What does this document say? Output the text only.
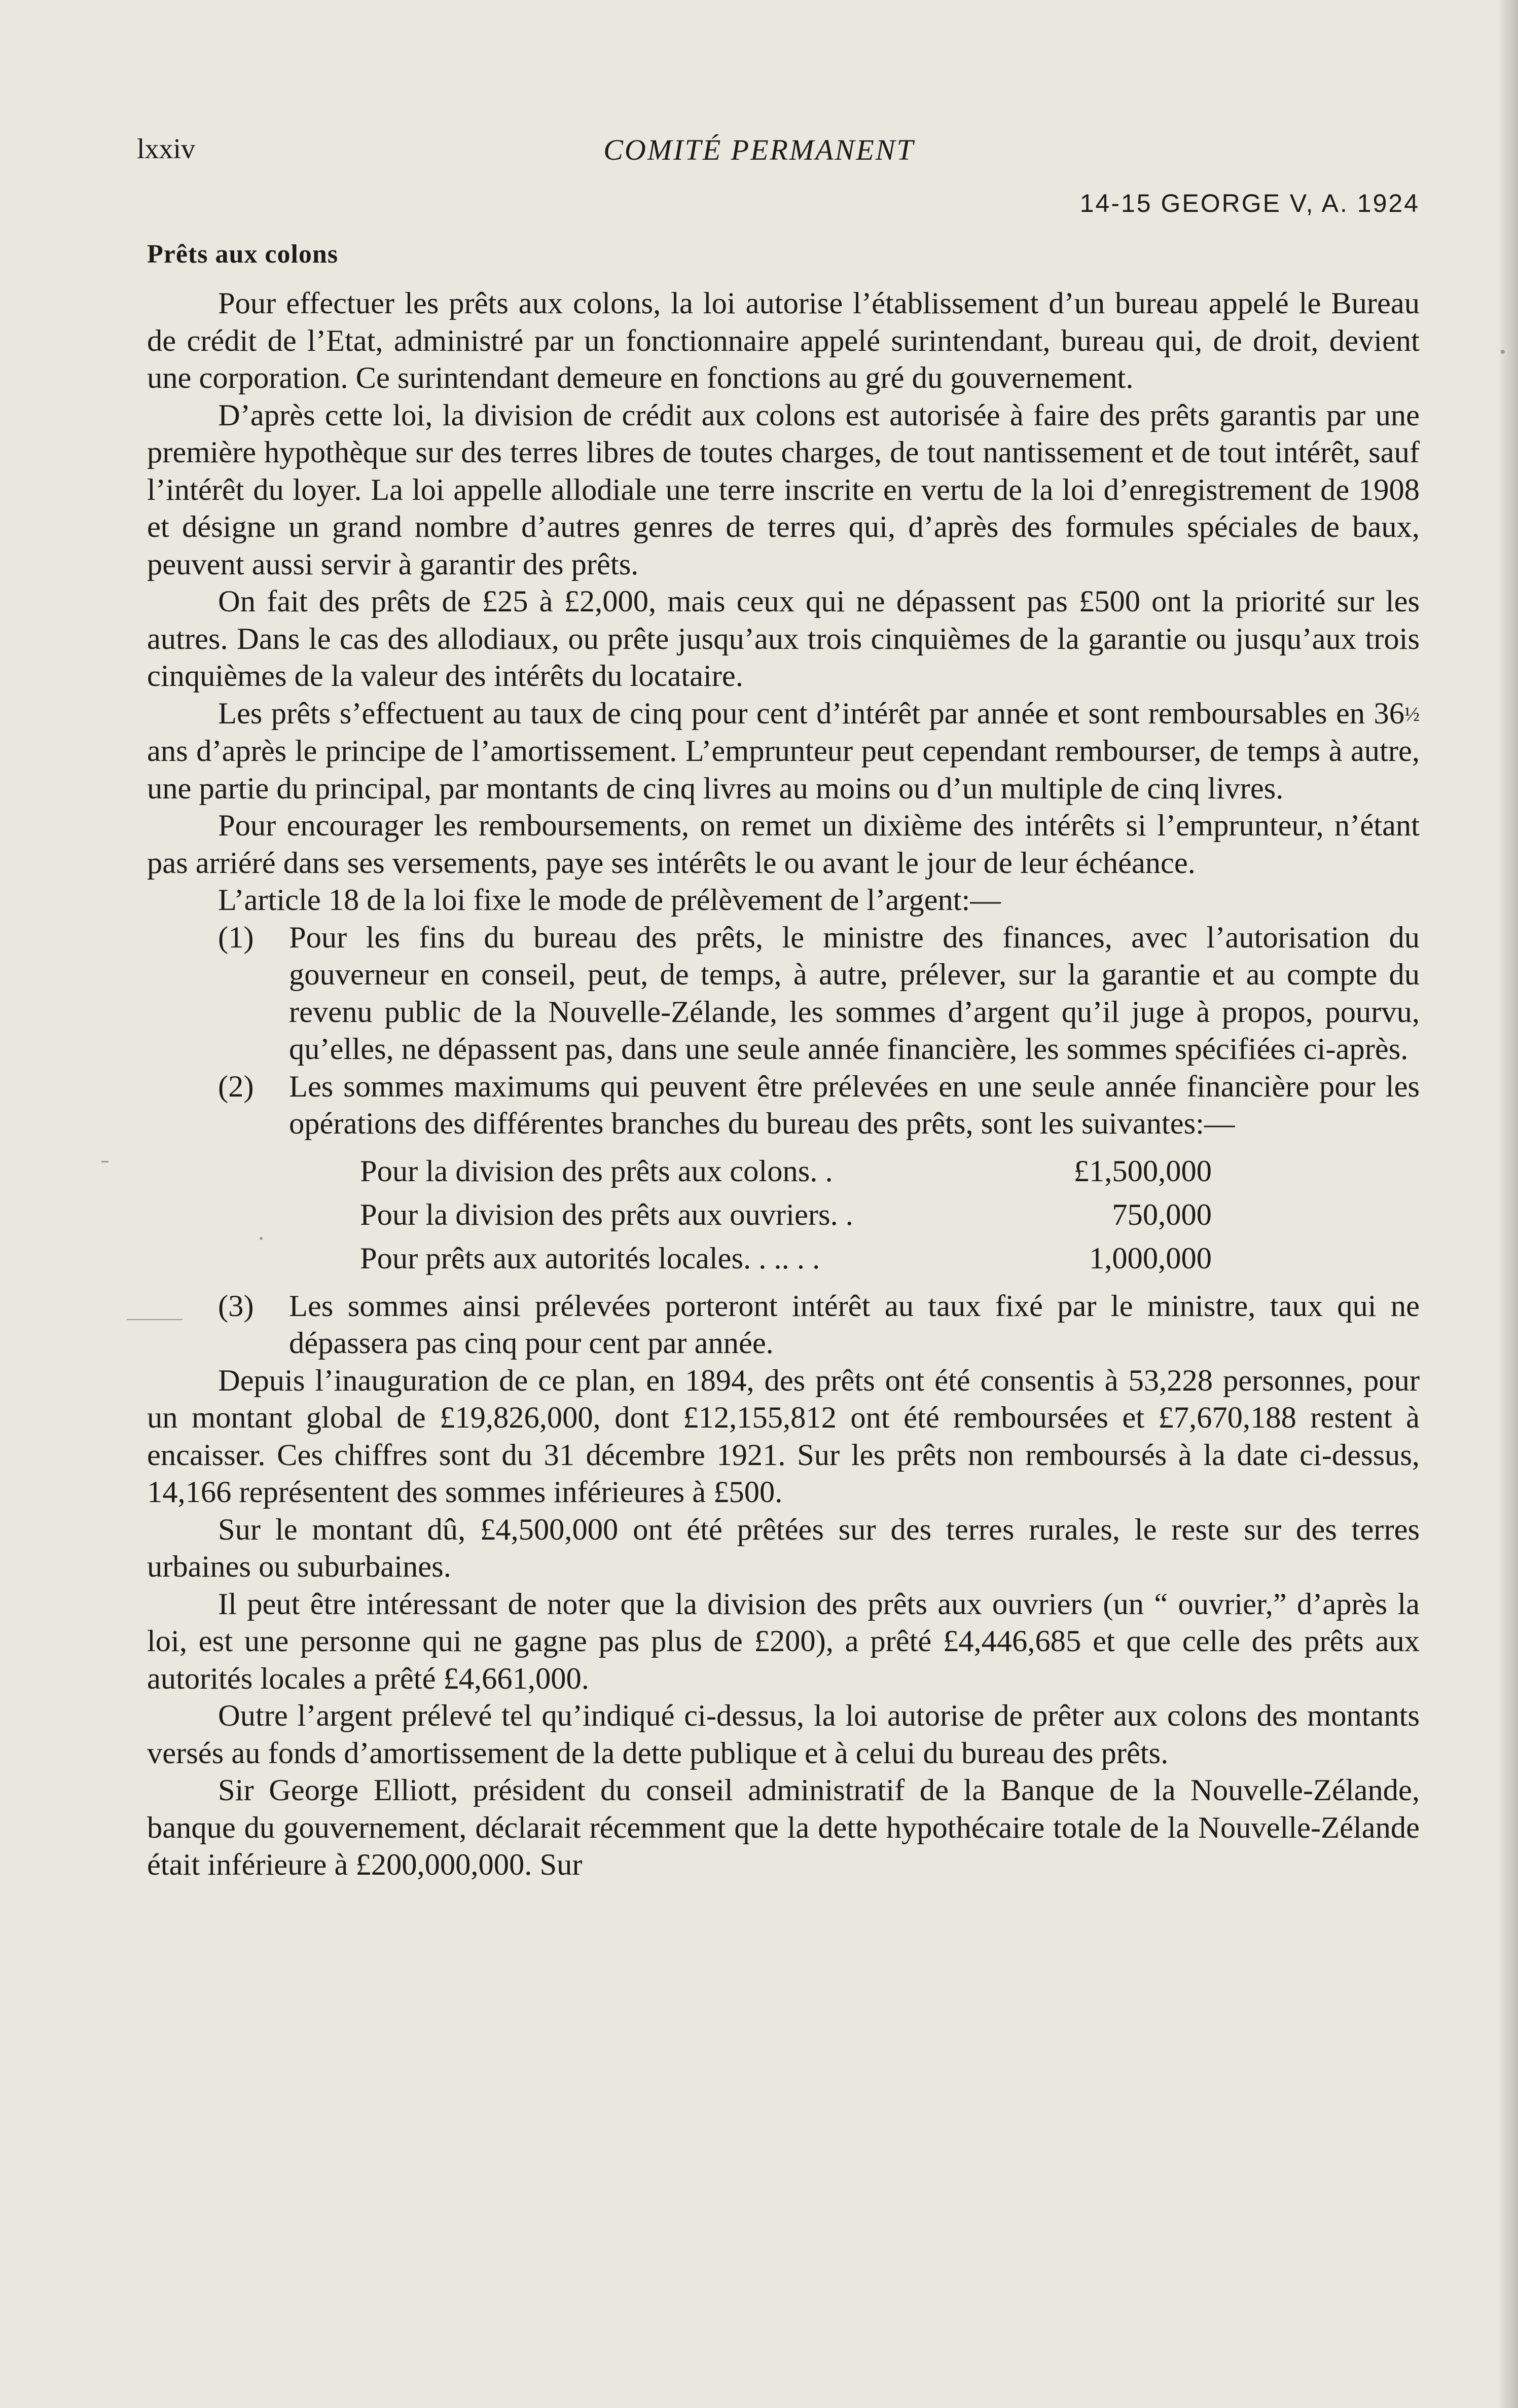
lxxiv	COMITÉ PERMANENT
14-15 GEORGE V, A. 1924
Prêts aux colons

Pour effectuer les prêts aux colons, la loi autorise l’établissement d’un bureau appelé le Bureau de crédit de l’Etat, administré par un fonctionnaire appelé surintendant, bureau qui, de droit, devient une corporation. Ce surintendant demeure en fonctions au gré du gouvernement.

D’après cette loi, la division de crédit aux colons est autorisée à faire des prêts garantis par une première hypothèque sur des terres libres de toutes charges, de tout nantissement et de tout intérêt, sauf l’intérêt du loyer. La loi appelle allodiale une terre inscrite en vertu de la loi d’enregistrement de 1908 et désigne un grand nombre d’autres genres de terres qui, d’après des formules spéciales de baux, peuvent aussi servir à garantir des prêts.

On fait des prêts de £25 à £2,000, mais ceux qui ne dépassent pas £500 ont la priorité sur les autres. Dans le cas des allodiaux, ou prête jusqu’aux trois cinquièmes de la garantie ou jusqu’aux trois cinquièmes de la valeur des intérêts du locataire.

Les prêts s’effectuent au taux de cinq pour cent d’intérêt par année et sont remboursables en 36½ ans d’après le principe de l’amortissement. L’emprunteur peut cependant rembourser, de temps à autre, une partie du principal, par montants de cinq livres au moins ou d’un multiple de cinq livres.

Pour encourager les remboursements, on remet un dixième des intérêts si l’emprunteur, n’étant pas arriéré dans ses versements, paye ses intérêts le ou avant le jour de leur échéance.

L’article 18 de la loi fixe le mode de prélèvement de l’argent:—

(1)	Pour les fins du bureau des prêts, le ministre des finances, avec l’autorisation du gouverneur en conseil, peut, de temps, à autre, prélever, sur la garantie et au compte du revenu public de la Nouvelle-Zélande, les sommes d’argent qu’il juge à propos, pourvu, qu’elles, ne dépassent pas, dans une seule année financière, les sommes spécifiées ci-après.
(2)	Les sommes maximums qui peuvent être prélevées en une seule année financière pour les opérations des différentes branches du bureau des prêts, sont les suivantes:—
Pour la division des prêts aux colons. .	£1,500,000
Pour la division des prêts aux ouvriers. .	750,000
Pour prêts aux autorités locales. . .. . .	1,000,000
(3)	Les sommes ainsi prélevées porteront intérêt au taux fixé par le ministre, taux qui ne dépassera pas cinq pour cent par année.

Depuis l’inauguration de ce plan, en 1894, des prêts ont été consentis à 53,228 personnes, pour un montant global de £19,826,000, dont £12,155,812 ont été remboursées et £7,670,188 restent à encaisser. Ces chiffres sont du 31 décembre 1921. Sur les prêts non remboursés à la date ci-dessus, 14,166 représentent des sommes inférieures à £500.

Sur le montant dû, £4,500,000 ont été prêtées sur des terres rurales, le reste sur des terres urbaines ou suburbaines.

Il peut être intéressant de noter que la division des prêts aux ouvriers (un “ ouvrier,” d’après la loi, est une personne qui ne gagne pas plus de £200), a prêté £4,446,685 et que celle des prêts aux autorités locales a prêté £4,661,000.

Outre l’argent prélevé tel qu’indiqué ci-dessus, la loi autorise de prêter aux colons des montants versés au fonds d’amortissement de la dette publique et à celui du bureau des prêts.

Sir George Elliott, président du conseil administratif de la Banque de la Nouvelle-Zélande, banque du gouvernement, déclarait récemment que la dette hypothécaire totale de la Nouvelle-Zélande était inférieure à £200,000,000. Sur
